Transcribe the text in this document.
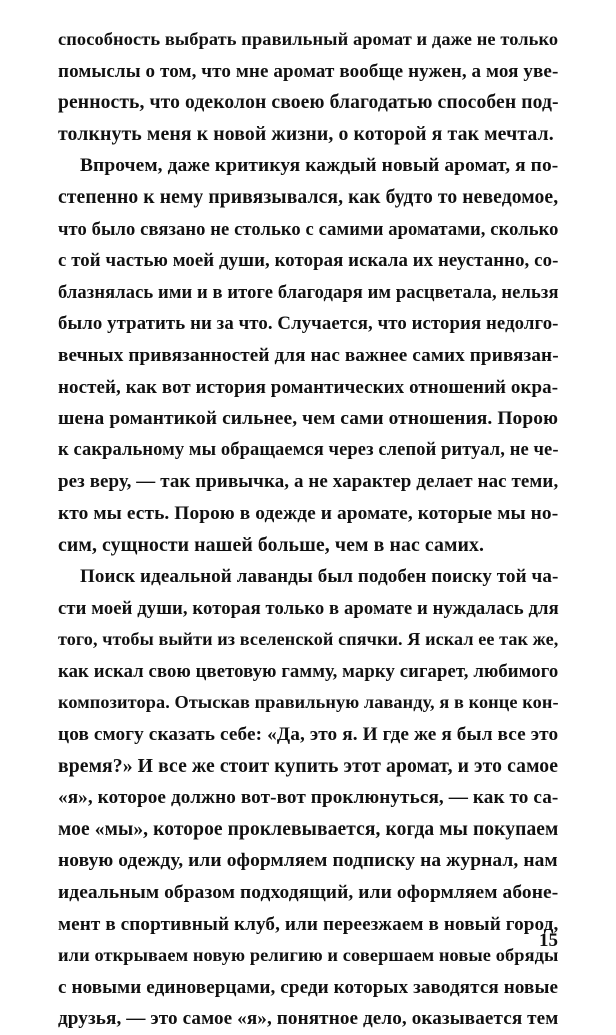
способность выбрать правильный аромат и даже не только
помыслы о том, что мне аромат вообще нужен, а моя уве-
ренность, что одеколон своею благодатью способен под-
толкнуть меня к новой жизни, о которой я так мечтал.
Впрочем, даже критикуя каждый новый аромат, я по-
степенно к нему привязывался, как будто то неведомое,
что было связано не столько с самими ароматами, сколько
с той частью моей души, которая искала их неустанно, со-
блазнялась ими и в итоге благодаря им расцветала, нельзя
было утратить ни за что. Случается, что история недолго-
вечных привязанностей для нас важнее самих привязан-
ностей, как вот история романтических отношений окра-
шена романтикой сильнее, чем сами отношения. Порою
к сакральному мы обращаемся через слепой ритуал, не че-
рез веру, — так привычка, а не характер делает нас теми,
кто мы есть. Порою в одежде и аромате, которые мы но-
сим, сущности нашей больше, чем в нас самих.
Поиск идеальной лаванды был подобен поиску той ча-
сти моей души, которая только в аромате и нуждалась для
того, чтобы выйти из вселенской спячки. Я искал ее так же,
как искал свою цветовую гамму, марку сигарет, любимого
композитора. Отыскав правильную лаванду, я в конце кон-
цов смогу сказать себе: «Да, это я. И где же я был все это
время?» И все же стоит купить этот аромат, и это самое
«я», которое должно вот-вот проклюнуться, — как то са-
мое «мы», которое проклевывается, когда мы покупаем
новую одежду, или оформляем подписку на журнал, нам
идеальным образом подходящий, или оформляем абоне-
мент в спортивный клуб, или переезжаем в новый город,
или открываем новую религию и совершаем новые обряды
с новыми единоверцами, среди которых заводятся новые
друзья, — это самое «я», понятное дело, оказывается тем
15
